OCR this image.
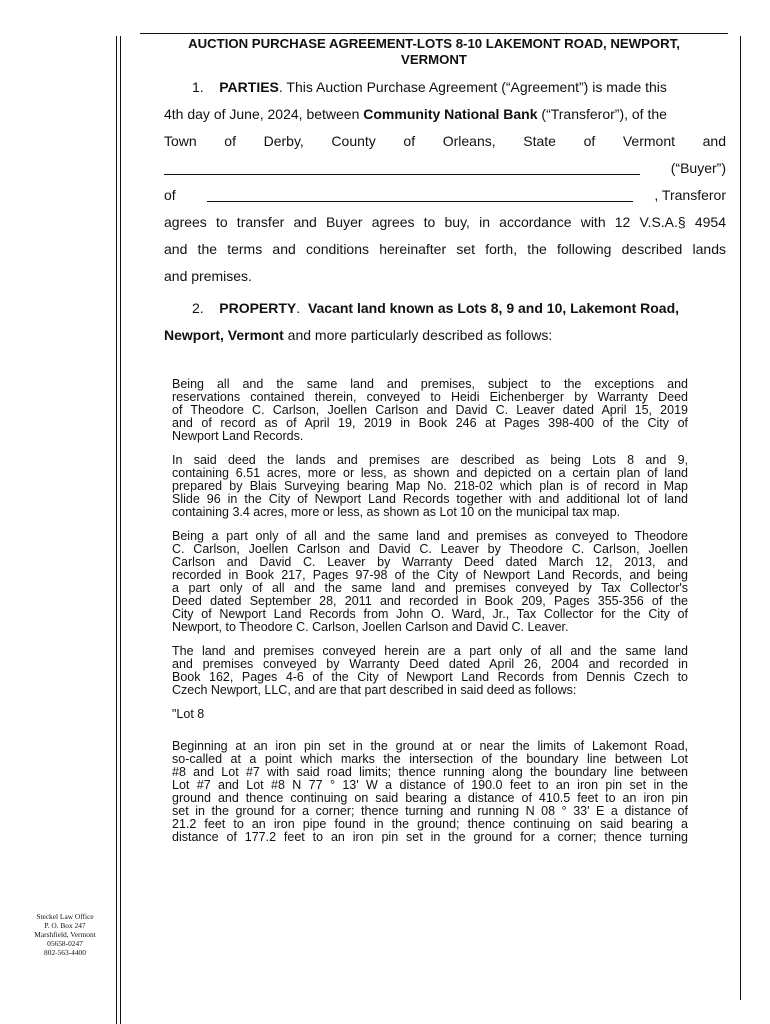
AUCTION PURCHASE AGREEMENT-LOTS 8-10 LAKEMONT ROAD, NEWPORT,
VERMONT
1. PARTIES. This Auction Purchase Agreement (“Agreement”) is made this
4th day of June, 2024, between Community National Bank (“Transferor”), of the
Town of Derby, County of Orleans, State of Vermont and
(“Buyer”)
of	, Transferor
agrees to transfer and Buyer agrees to buy, in accordance with 12 V.S.A.§ 4954
and the terms and conditions hereinafter set forth, the following described lands
and premises.
2. PROPERTY.  Vacant land known as Lots 8, 9 and 10, Lakemont Road,
Newport, Vermont and more particularly described as follows:
Being all and the same land and premises, subject to the exceptions and
reservations contained therein, conveyed to Heidi Eichenberger by Warranty Deed
of Theodore C. Carlson, Joellen Carlson and David C. Leaver dated April 15, 2019
and of record as of April 19, 2019 in Book 246 at Pages 398-400 of the City of
Newport Land Records.
In said deed the lands and premises are described as being Lots 8 and 9,
containing 6.51 acres, more or less, as shown and depicted on a certain plan of land
prepared by Blais Surveying bearing Map No. 218-02 which plan is of record in Map
Slide 96 in the City of Newport Land Records together with and additional lot of land
containing 3.4 acres, more or less, as shown as Lot 10 on the municipal tax map.
Being a part only of all and the same land and premises as conveyed to Theodore
C. Carlson, Joellen Carlson and David C. Leaver by Theodore C. Carlson, Joellen
Carlson and David C. Leaver by Warranty Deed dated March 12, 2013, and
recorded in Book 217, Pages 97-98 of the City of Newport Land Records, and being
a part only of all and the same land and premises conveyed by Tax Collector's
Deed dated September 28, 2011 and recorded in Book 209, Pages 355-356 of the
City of Newport Land Records from John O. Ward, Jr., Tax Collector for the City of
Newport, to Theodore C. Carlson, Joellen Carlson and David C. Leaver.
The land and premises conveyed herein are a part only of all and the same land
and premises conveyed by Warranty Deed dated April 26, 2004 and recorded in
Book 162, Pages 4-6 of the City of Newport Land Records from Dennis Czech to
Czech Newport, LLC, and are that part described in said deed as follows:
"Lot 8
Beginning at an iron pin set in the ground at or near the limits of Lakemont Road,
so-called at a point which marks the intersection of the boundary line between Lot
#8 and Lot #7 with said road limits; thence running along the boundary line between
Lot #7 and Lot #8 N 77 ° 13' W a distance of 190.0 feet to an iron pin set in the
ground and thence continuing on said bearing a distance of 410.5 feet to an iron pin
set in the ground for a corner; thence turning and running N 08 ° 33' E a distance of
21.2 feet to an iron pipe found in the ground; thence continuing on said bearing a
distance of 177.2 feet to an iron pin set in the ground for a corner; thence turning
Steckel Law Office
P. O. Box 247
Marshfield, Vermont
05658-0247
802-563-4400
